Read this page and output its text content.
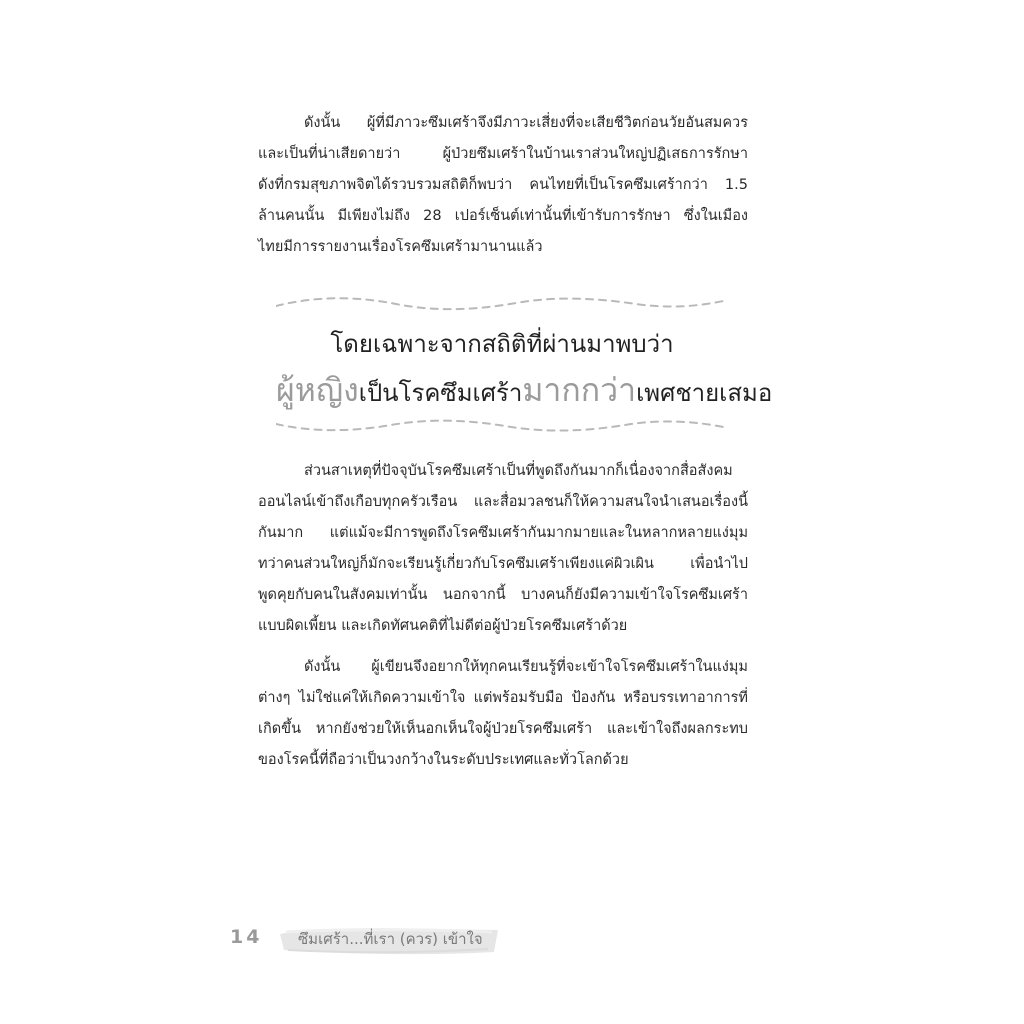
ดังนั้น ผู้ที่มีภาวะซึมเศร้าจึงมีภาวะเสี่ยงที่จะเสียชีวิตก่อนวัยอันสมควร
และเป็นที่น่าเสียดายว่า ผู้ป่วยซึมเศร้าในบ้านเราส่วนใหญ่ปฏิเสธการรักษา
ดังที่กรมสุขภาพจิตได้รวบรวมสถิติก็พบว่า คนไทยที่เป็นโรคซึมเศร้ากว่า 1.5
ล้านคนนั้น มีเพียงไม่ถึง 28 เปอร์เซ็นต์เท่านั้นที่เข้ารับการรักษา ซึ่งในเมือง
ไทยมีการรายงานเรื่องโรคซึมเศร้ามานานแล้ว
โดยเฉพาะจากสถิติที่ผ่านมาพบว่า
ผู้หญิงเป็นโรคซึมเศร้ามากกว่าเพศชายเสมอ
ส่วนสาเหตุที่ปัจจุบันโรคซึมเศร้าเป็นที่พูดถึงกันมากก็เนื่องจากสื่อสังคม
ออนไลน์เข้าถึงเกือบทุกครัวเรือน และสื่อมวลชนก็ให้ความสนใจนำเสนอเรื่องนี้
กันมาก แต่แม้จะมีการพูดถึงโรคซึมเศร้ากันมากมายและในหลากหลายแง่มุม
ทว่าคนส่วนใหญ่ก็มักจะเรียนรู้เกี่ยวกับโรคซึมเศร้าเพียงแค่ผิวเผิน เพื่อนำไป
พูดคุยกับคนในสังคมเท่านั้น นอกจากนี้ บางคนก็ยังมีความเข้าใจโรคซึมเศร้า
แบบผิดเพี้ยน และเกิดทัศนคติที่ไม่ดีต่อผู้ป่วยโรคซึมเศร้าด้วย
ดังนั้น ผู้เขียนจึงอยากให้ทุกคนเรียนรู้ที่จะเข้าใจโรคซึมเศร้าในแง่มุม
ต่างๆ ไม่ใช่แค่ให้เกิดความเข้าใจ แต่พร้อมรับมือ ป้องกัน หรือบรรเทาอาการที่
เกิดขึ้น หากยังช่วยให้เห็นอกเห็นใจผู้ป่วยโรคซึมเศร้า และเข้าใจถึงผลกระทบ
ของโรคนี้ที่ถือว่าเป็นวงกว้างในระดับประเทศและทั่วโลกด้วย
14 ซึมเศร้า...ที่เรา (ควร) เข้าใจ
